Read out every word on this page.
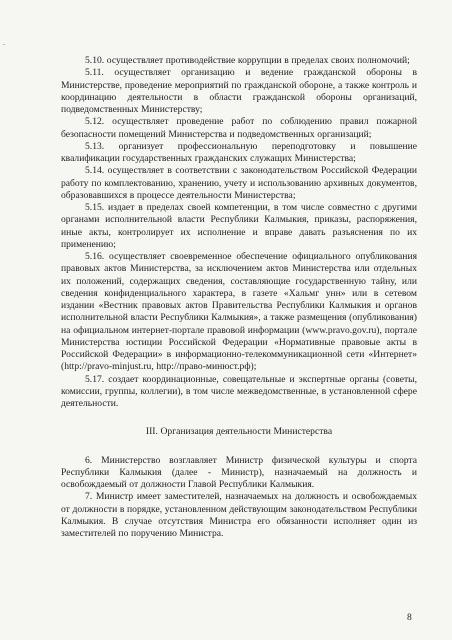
5.10. осуществляет противодействие коррупции в пределах своих полномочий;

5.11. осуществляет организацию и ведение гражданской обороны в Министерстве, проведение мероприятий по гражданской обороне, а также контроль и координацию деятельности в области гражданской обороны организаций, подведомственных Министерству;

5.12. осуществляет проведение работ по соблюдению правил пожарной безопасности помещений Министерства и подведомственных организаций;

5.13. организует профессиональную переподготовку и повышение квалификации государственных гражданских служащих Министерства;

5.14. осуществляет в соответствии с законодательством Российской Федерации работу по комплектованию, хранению, учету и использованию архивных документов, образовавшихся в процессе деятельности Министерства;

5.15. издает в пределах своей компетенции, в том числе совместно с другими органами исполнительной власти Республики Калмыкия, приказы, распоряжения, иные акты, контролирует их исполнение и вправе давать разъяснения по их применению;

5.16. осуществляет своевременное обеспечение официального опубликования правовых актов Министерства, за исключением актов Министерства или отдельных их положений, содержащих сведения, составляющие государственную тайну, или сведения конфиденциального характера, в газете «Хальмг унн» или в сетевом издании «Вестник правовых актов Правительства Республики Калмыкия и органов исполнительной власти Республики Калмыкия», а также размещения (опубликования) на официальном интернет-портале правовой информации (www.pravo.gov.ru), портале Министерства юстиции Российской Федерации «Нормативные правовые акты в Российской Федерации» в информационно-телекоммуникационной сети «Интернет» (http://pravo-minjust.ru, http://право-минюст.рф);

5.17. создает координационные, совещательные и экспертные органы (советы, комиссии, группы, коллегии), в том числе межведомственные, в установленной сфере деятельности.

III. Организация деятельности Министерства

6. Министерство возглавляет Министр физической культуры и спорта Республики Калмыкия (далее - Министр), назначаемый на должность и освобождаемый от должности Главой Республики Калмыкия.

7. Министр имеет заместителей, назначаемых на должность и освобождаемых от должности в порядке, установленном действующим законодательством Республики Калмыкия. В случае отсутствия Министра его обязанности исполняет один из заместителей по поручению Министра.

8
